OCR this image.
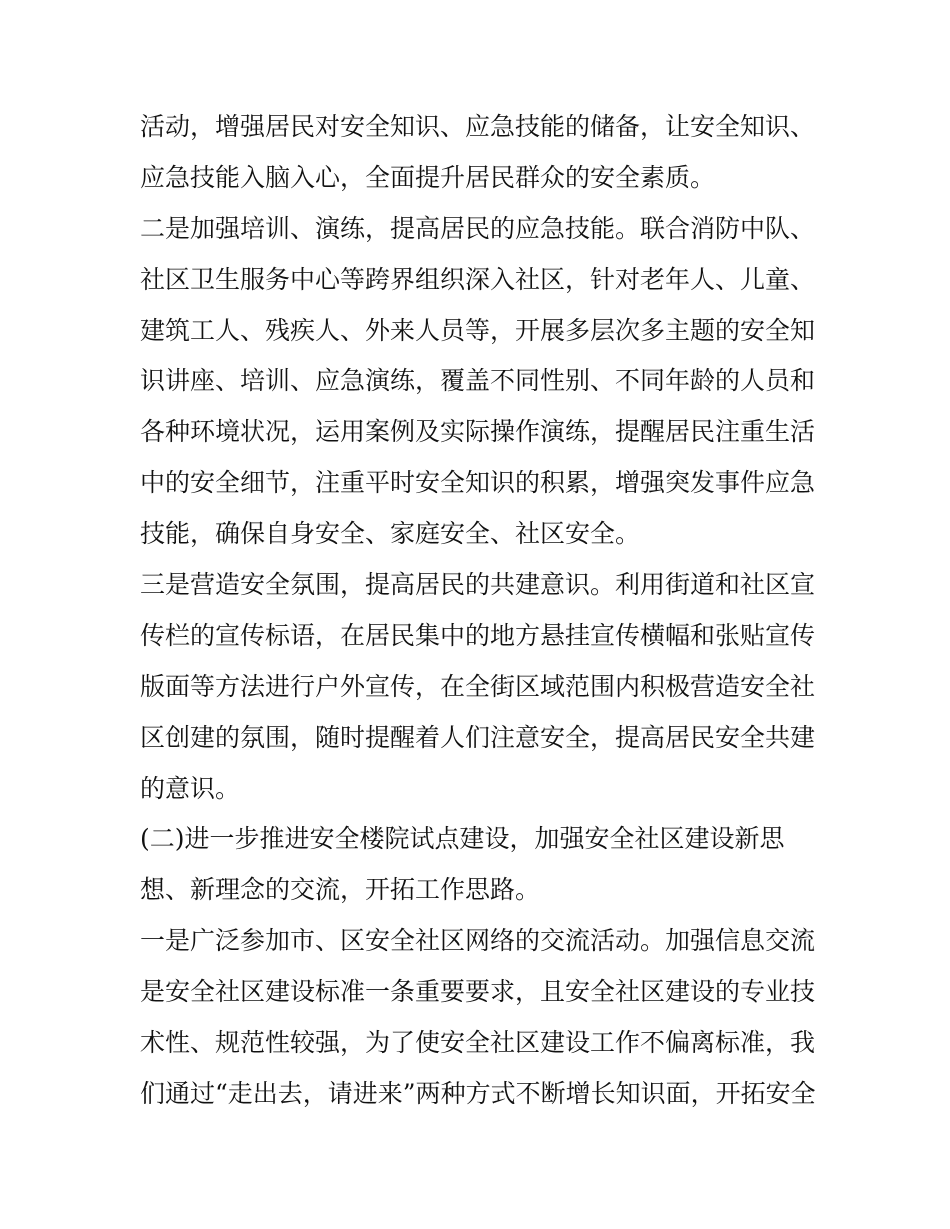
活动，增强居民对安全知识、应急技能的储备，让安全知识、
应急技能入脑入心，全面提升居民群众的安全素质。
二是加强培训、演练，提高居民的应急技能。联合消防中队、
社区卫生服务中心等跨界组织深入社区，针对老年人、儿童、
建筑工人、残疾人、外来人员等，开展多层次多主题的安全知
识讲座、培训、应急演练，覆盖不同性别、不同年龄的人员和
各种环境状况，运用案例及实际操作演练，提醒居民注重生活
中的安全细节，注重平时安全知识的积累，增强突发事件应急
技能，确保自身安全、家庭安全、社区安全。
三是营造安全氛围，提高居民的共建意识。利用街道和社区宣
传栏的宣传标语，在居民集中的地方悬挂宣传横幅和张贴宣传
版面等方法进行户外宣传，在全街区域范围内积极营造安全社
区创建的氛围，随时提醒着人们注意安全，提高居民安全共建
的意识。
(二)进一步推进安全楼院试点建设，加强安全社区建设新思
想、新理念的交流，开拓工作思路。
一是广泛参加市、区安全社区网络的交流活动。加强信息交流
是安全社区建设标准一条重要要求，且安全社区建设的专业技
术性、规范性较强，为了使安全社区建设工作不偏离标准，我
们通过“走出去，请进来”两种方式不断增长知识面，开拓安全
